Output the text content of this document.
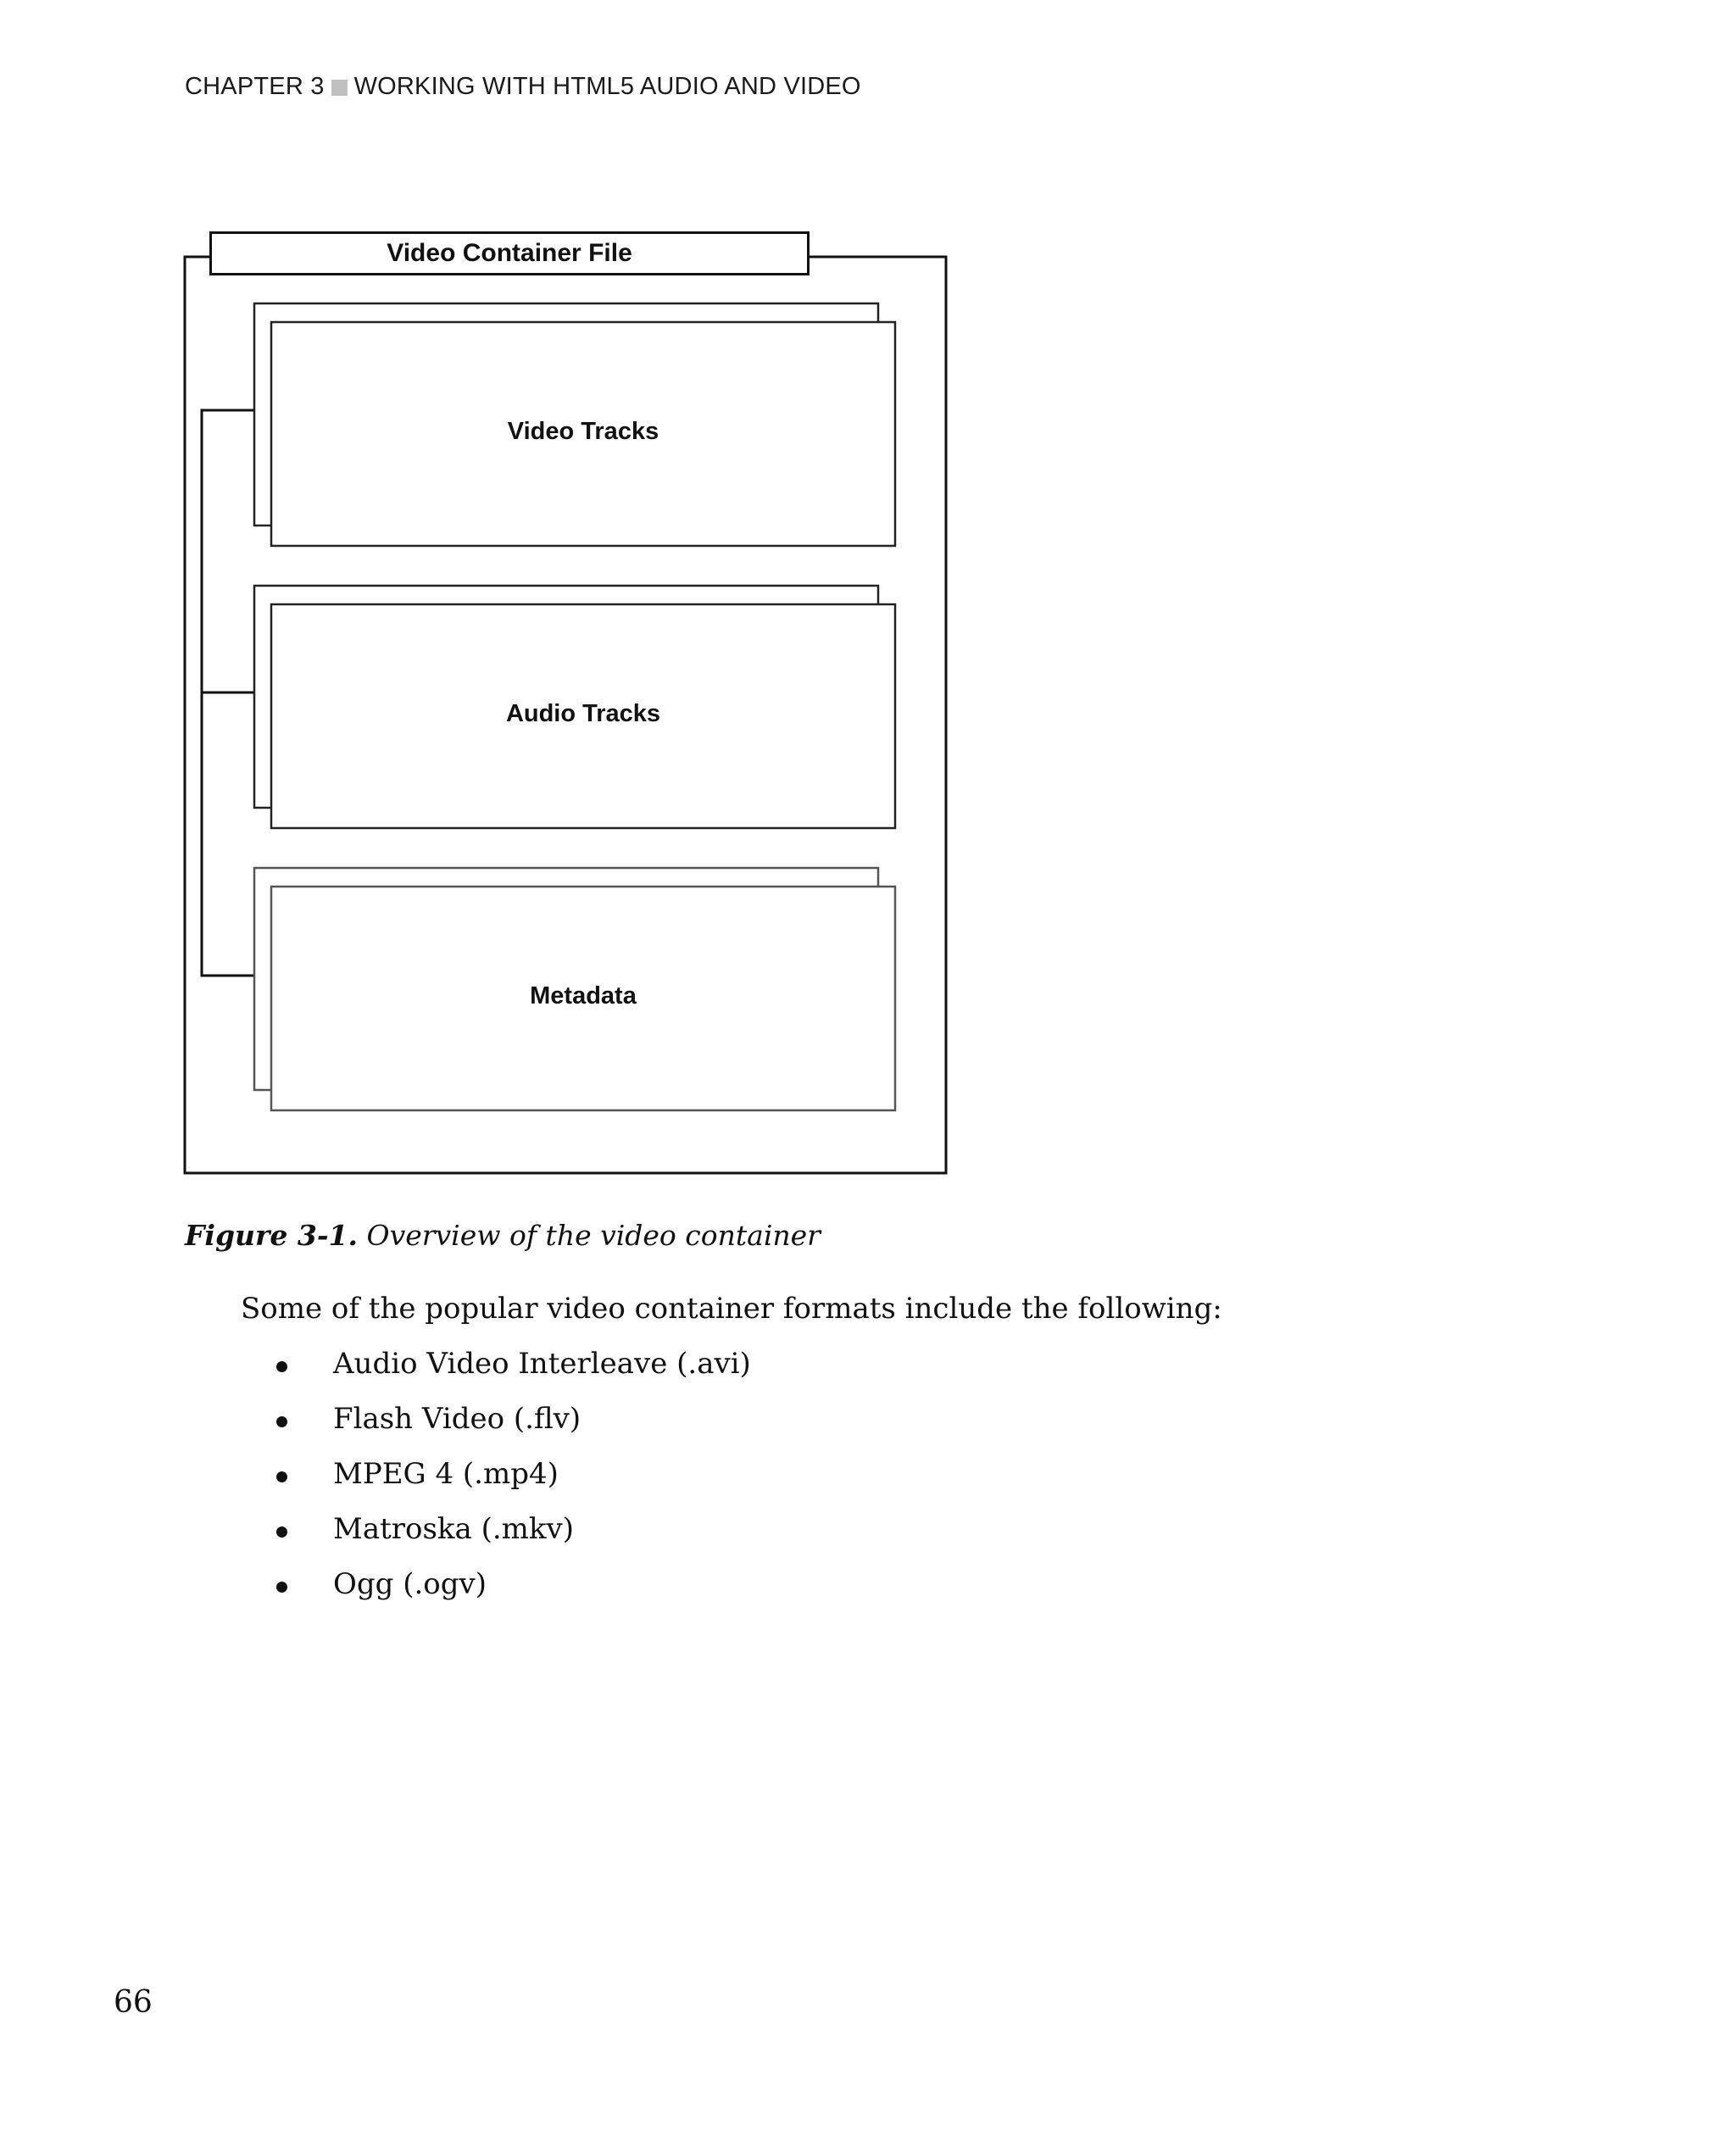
CHAPTER 3 WORKING WITH HTML5 AUDIO AND VIDEO
Video Container File
Video Tracks
Audio Tracks
Metadata
Figure 3-1. Overview of the video container
Some of the popular video container formats include the following:
Audio Video Interleave (.avi)
Flash Video (.flv)
MPEG 4 (.mp4)
Matroska (.mkv)
Ogg (.ogv)
66
